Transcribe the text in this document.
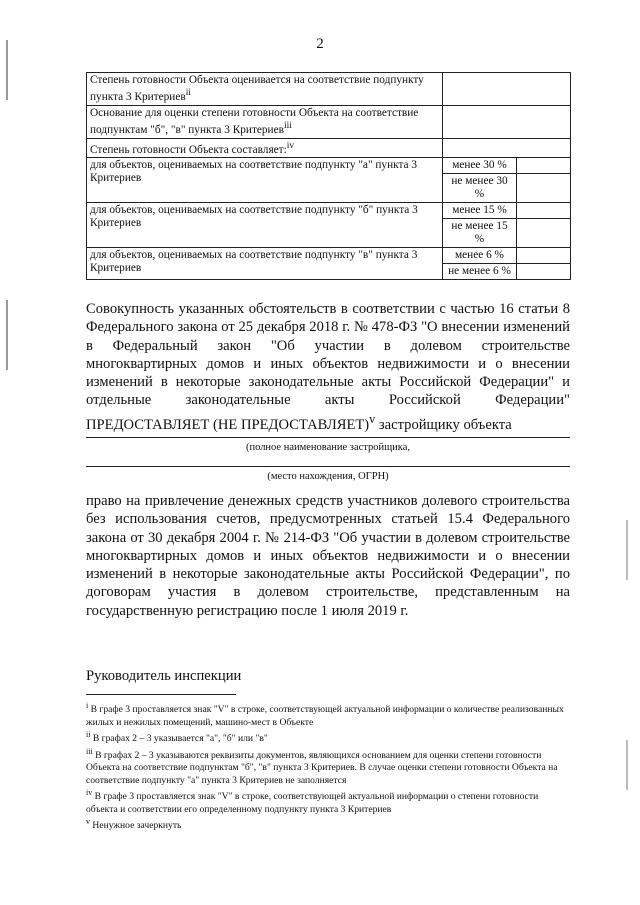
2
Степень готовности Объекта оценивается на соответствие подпункту пункта 3 Критериев$^{ii}$	
Основание для оценки степени готовности Объекта на соответствие подпунктам "б", "в" пункта 3 Критериев$^{iii}$	
Степень готовности Объекта составляет:$^{iv}$	
для объектов, оцениваемых на соответствие подпункту "а" пункта 3 Критериев	менее 30 %	
	не менее 30 %	
для объектов, оцениваемых на соответствие подпункту "б" пункта 3 Критериев	менее 15 %	
	не менее 15 %	
для объектов, оцениваемых на соответствие подпункту "в" пункта 3 Критериев	менее 6 %	
	не менее 6 %	
Совокупность указанных обстоятельств в соответствии с частью 16 статьи 8 Федерального закона от 25 декабря 2018 г. № 478-ФЗ "О внесении изменений в Федеральный закон "Об участии в долевом строительстве многоквартирных домов и иных объектов недвижимости и о внесении изменений в некоторые законодательные акты Российской Федерации" и отдельные законодательные акты Российской Федерации" ПРЕДОСТАВЛЯЕТ (НЕ ПРЕДОСТАВЛЯЕТ)$^v$ застройщику объекта
(полное наименование застройщика,
(место нахождения, ОГРН)
право на привлечение денежных средств участников долевого строительства без использования счетов, предусмотренных статьей 15.4 Федерального закона от 30 декабря 2004 г. № 214-ФЗ "Об участии в долевом строительстве многоквартирных домов и иных объектов недвижимости и о внесении изменений в некоторые законодательные акты Российской Федерации", по договорам участия в долевом строительстве, представленным на государственную регистрацию после 1 июля 2019 г.
Руководитель инспекции

$^i$ В графе 3 проставляется знак "V" в строке, соответствующей актуальной информации о количестве реализованных жилых и нежилых помещений, машино-мест в Объекте

$^{ii}$ В графах 2 – 3 указывается "а", "б" или "в"

$^{iii}$ В графах 2 – 3 указываются реквизиты документов, являющихся основанием для оценки степени готовности Объекта на соответствие подпунктам "б", "в" пункта 3 Критериев. В случае оценки степени готовности Объекта на соответствие подпункту "а" пункта 3 Критериев не заполняется

$^{iv}$ В графе 3 проставляется знак "V" в строке, соответствующей актуальной информации о степени готовности объекта и соответствии его определенному подпункту пункта 3 Критериев

$^v$ Ненужное зачеркнуть
